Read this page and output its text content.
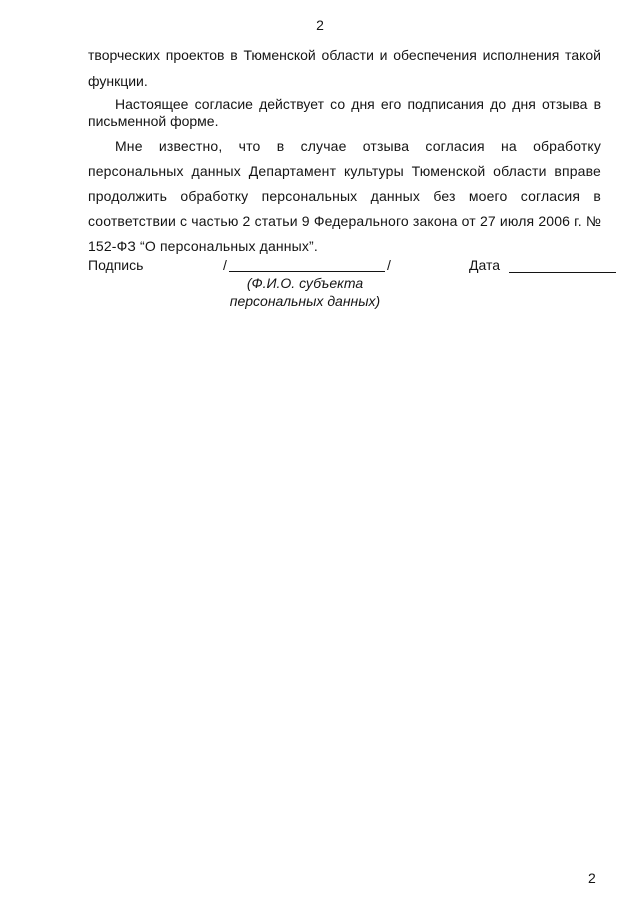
2

творческих проектов в Тюменской области и обеспечения исполнения такой функции.

Настоящее согласие действует со дня его подписания до дня отзыва в письменной форме.

Мне известно, что в случае отзыва согласия на обработку персональных данных Департамент культуры Тюменской области вправе продолжить обработку персональных данных без моего согласия в соответствии с частью 2 статьи 9 Федерального закона от 27 июля 2006 г. № 152-ФЗ “О персональных данных”.

Подпись	/	/
(Ф.И.О. субъекта персональных данных)
Дата
2
